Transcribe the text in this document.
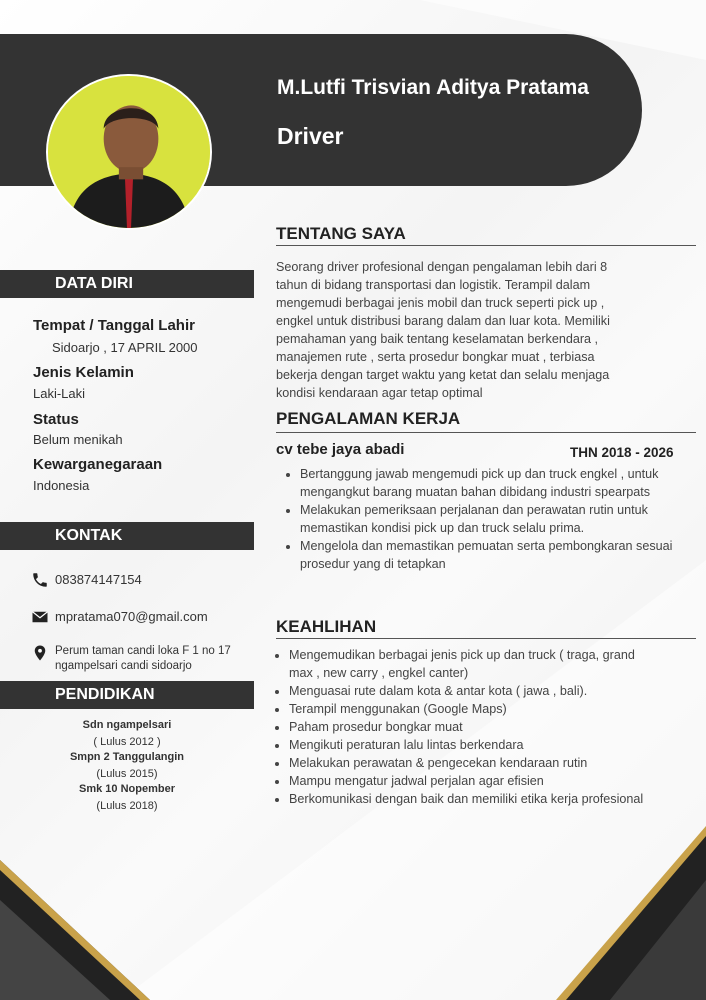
M.Lutfi Trisvian Aditya Pratama
Driver
DATA DIRI
Tempat / Tanggal Lahir
Sidoarjo , 17 APRIL 2000
Jenis Kelamin
Laki-Laki
Status
Belum menikah
Kewarganegaraan
Indonesia
KONTAK
083874147154
mpratama070@gmail.com
Perum taman candi loka F 1 no 17
ngampelsari candi sidoarjo
PENDIDIKAN
Sdn ngampelsari
( Lulus 2012 )
Smpn 2 Tanggulangin
(Lulus 2015)
Smk 10 Nopember
(Lulus 2018)
TENTANG SAYA
Seorang driver profesional dengan pengalaman lebih dari 8
tahun di bidang transportasi dan logistik. Terampil dalam
mengemudi berbagai jenis mobil dan truck seperti pick up ,
engkel untuk distribusi barang dalam dan luar kota. Memiliki
pemahaman yang baik tentang keselamatan berkendara ,
manajemen rute , serta prosedur bongkar muat , terbiasa
bekerja dengan target waktu yang ketat dan selalu menjaga
kondisi kendaraan agar tetap optimal
PENGALAMAN KERJA
cv tebe jaya abadi	THN 2018 - 2026
• Bertanggung jawab mengemudi pick up dan truck engkel , untuk mengangkut barang muatan bahan dibidang industri spearpats
• Melakukan pemeriksaan perjalanan dan perawatan rutin untuk memastikan kondisi pick up dan truck selalu prima.
• Mengelola dan memastikan pemuatan serta pembongkaran sesuai prosedur yang di tetapkan
KEAHLIHAN
• Mengemudikan berbagai jenis pick up dan truck ( traga, grand max , new carry , engkel canter)
• Menguasai rute dalam kota & antar kota ( jawa , bali).
• Terampil menggunakan (Google Maps)
• Paham prosedur bongkar muat
• Mengikuti peraturan lalu lintas berkendara
• Melakukan perawatan & pengecekan kendaraan rutin
• Mampu mengatur jadwal perjalan agar efisien
• Berkomunikasi dengan baik dan memiliki etika kerja profesional
